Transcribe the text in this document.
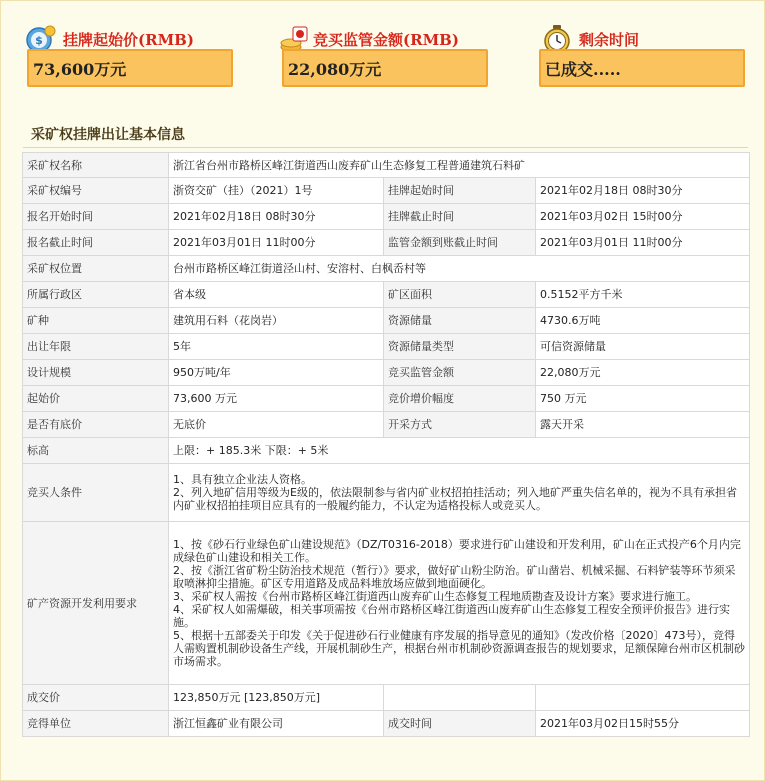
$ 挂牌起始价(RMB)
73,600万元
竞买监管金额(RMB)
22,080万元
剩余时间
已成交.....
采矿权挂牌出让基本信息
采矿权名称	浙江省台州市路桥区峰江街道西山废弃矿山生态修复工程普通建筑石料矿		
采矿权编号	浙资交矿（挂）（2021）1号	挂牌起始时间	2021年02月18日 08时30分
报名开始时间	2021年02月18日 08时30分	挂牌截止时间	2021年03月02日 15时00分
报名截止时间	2021年03月01日 11时00分	监管金额到账截止时间	2021年03月01日 11时00分
采矿权位置	台州市路桥区峰江街道泾山村、安溶村、白枫岙村等		
所属行政区	省本级	矿区面积	0.5152平方千米
矿种	建筑用石料（花岗岩）	资源储量	4730.6万吨
出让年限	5年	资源储量类型	可信资源储量
设计规模	950万吨/年	竞买监管金额	22,080万元
起始价	73,600 万元	竞价增价幅度	750 万元
是否有底价	无底价	开采方式	露天开采
标高	上限：+ 185.3米 下限：+ 5米		
竞买人条件	1、具有独立企业法人资格。
2、列入地矿信用等级为E级的，依法限制参与省内矿业权招拍挂活动；列入地矿严重失信名单的，视为不具有承担省内矿业权招拍挂项目应具有的一般履约能力，不认定为适格投标人或竞买人。		

矿产资源开发利用要求	1、按《砂石行业绿色矿山建设规范》（DZ/T0316-2018）要求进行矿山建设和开发利用，矿山在正式投产6个月内完成绿色矿山建设和相关工作。
2、按《浙江省矿粉尘防治技术规范（暂行）》要求，做好矿山粉尘防治。矿山凿岩、机械采掘、石料铲装等环节须采取喷淋抑尘措施。矿区专用道路及成品料堆放场应做到地面硬化。
3、采矿权人需按《台州市路桥区峰江街道西山废弃矿山生态修复工程地质勘查及设计方案》要求进行施工。
4、采矿权人如需爆破，相关事项需按《台州市路桥区峰江街道西山废弃矿山生态修复工程安全预评价报告》进行实施。
5、根据十五部委关于印发《关于促进砂石行业健康有序发展的指导意见的通知》（发改价格〔2020〕473号），竞得人需购置机制砂设备生产线，开展机制砂生产，根据台州市机制砂资源调查报告的规划要求，足额保障台州市区机制砂市场需求。		

成交价	123,850万元 [123,850万元]		
竞得单位	浙江恒鑫矿业有限公司	成交时间	2021年03月02日15时55分
